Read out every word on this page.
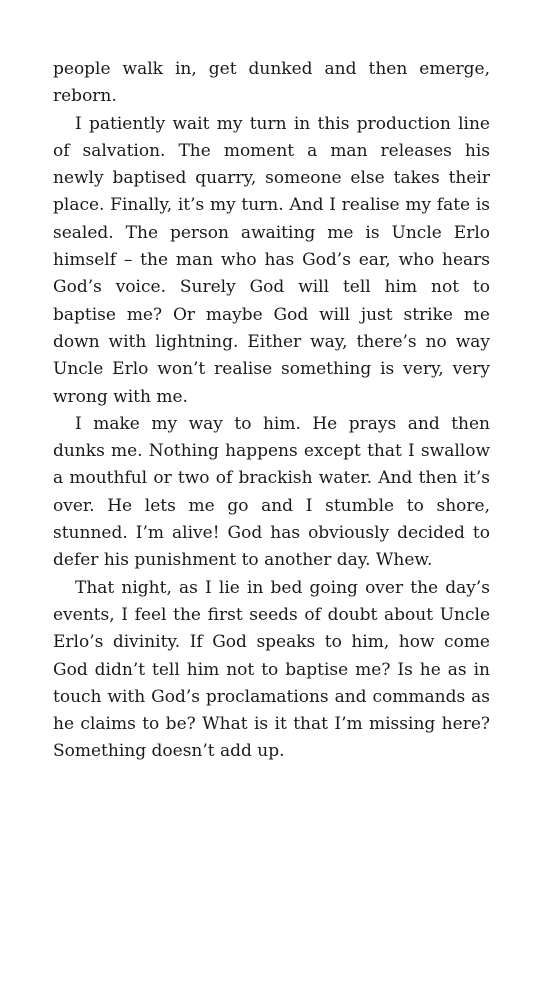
people walk in, get dunked and then emerge, reborn.

I patiently wait my turn in this production line of salvation. The moment a man releases his newly baptised quarry, someone else takes their place. Finally, it’s my turn. And I realise my fate is sealed. The person awaiting me is Uncle Erlo himself – the man who has God’s ear, who hears God’s voice. Surely God will tell him not to baptise me? Or maybe God will just strike me down with lightning. Either way, there’s no way Uncle Erlo won’t realise something is very, very wrong with me.

I make my way to him. He prays and then dunks me. Nothing happens except that I swallow a mouthful or two of brackish water. And then it’s over. He lets me go and I stumble to shore, stunned. I’m alive! God has obviously decided to defer his punishment to another day. Whew.

That night, as I lie in bed going over the day’s events, I feel the first seeds of doubt about Uncle Erlo’s divinity. If God speaks to him, how come God didn’t tell him not to baptise me? Is he as in touch with God’s proclamations and commands as he claims to be? What is it that I’m missing here? Something doesn’t add up.
